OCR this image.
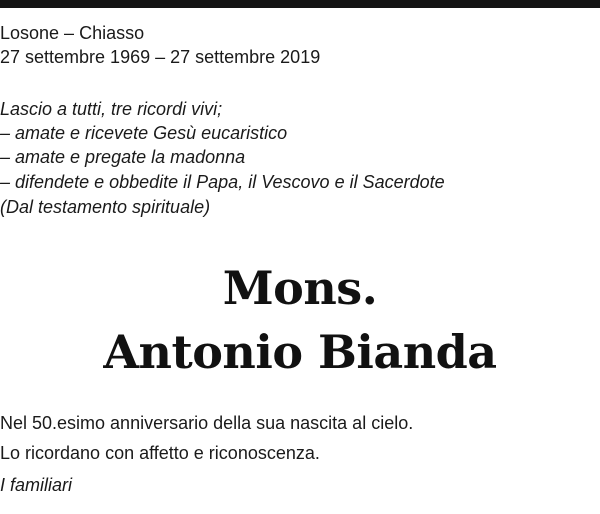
Losone – Chiasso
27 settembre 1969 – 27 settembre 2019
Lascio a tutti, tre ricordi vivi;
– amate e ricevete Gesù eucaristico
– amate e pregate la madonna
– difendete e obbedite il Papa, il Vescovo e il Sacerdote
(Dal testamento spirituale)
Mons.
Antonio Bianda
Nel 50.esimo anniversario della sua nascita al cielo.
Lo ricordano con affetto e riconoscenza.
I familiari
